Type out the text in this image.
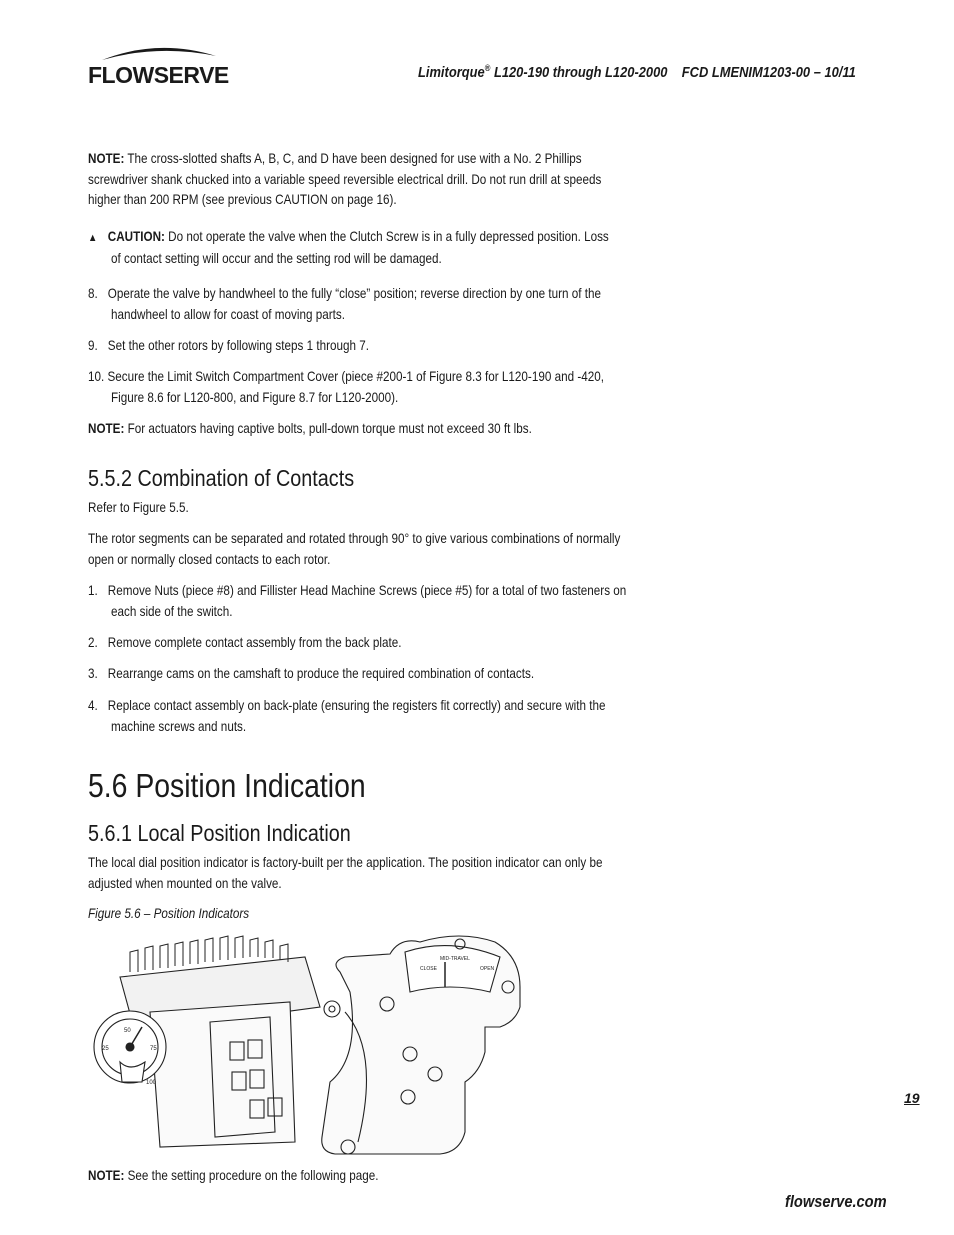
FLOWSERVE	Limitorque® L120-190 through L120-2000 FCD LMENIM1203-00 – 10/11
NOTE: The cross-slotted shafts A, B, C, and D have been designed for use with a No. 2 Phillips
screwdriver shank chucked into a variable speed reversible electrical drill. Do not run drill at speeds
higher than 200 RPM (see previous CAUTION on page 16).
▲ CAUTION: Do not operate the valve when the Clutch Screw is in a fully depressed position. Loss
of contact setting will occur and the setting rod will be damaged.
8. Operate the valve by handwheel to the fully “close” position; reverse direction by one turn of the
handwheel to allow for coast of moving parts.
9. Set the other rotors by following steps 1 through 7.
10. Secure the Limit Switch Compartment Cover (piece #200-1 of Figure 8.3 for L120-190 and -420,
Figure 8.6 for L120-800, and Figure 8.7 for L120-2000).
NOTE: For actuators having captive bolts, pull-down torque must not exceed 30 ft lbs.
5.5.2 Combination of Contacts
Refer to Figure 5.5.
The rotor segments can be separated and rotated through 90° to give various combinations of normally
open or normally closed contacts to each rotor.
1. Remove Nuts (piece #8) and Fillister Head Machine Screws (piece #5) for a total of two fasteners on
each side of the switch.
2. Remove complete contact assembly from the back plate.
3. Rearrange cams on the camshaft to produce the required combination of contacts.
4. Replace contact assembly on back-plate (ensuring the registers fit correctly) and secure with the
machine screws and nuts.
5.6 Position Indication
5.6.1 Local Position Indication
The local dial position indicator is factory-built per the application. The position indicator can only be
adjusted when mounted on the valve.
Figure 5.6 – Position Indicators
25
50
75
100
CLOSE
MID-TRAVEL
OPEN
NOTE: See the setting procedure on the following page.
19
flowserve.com
